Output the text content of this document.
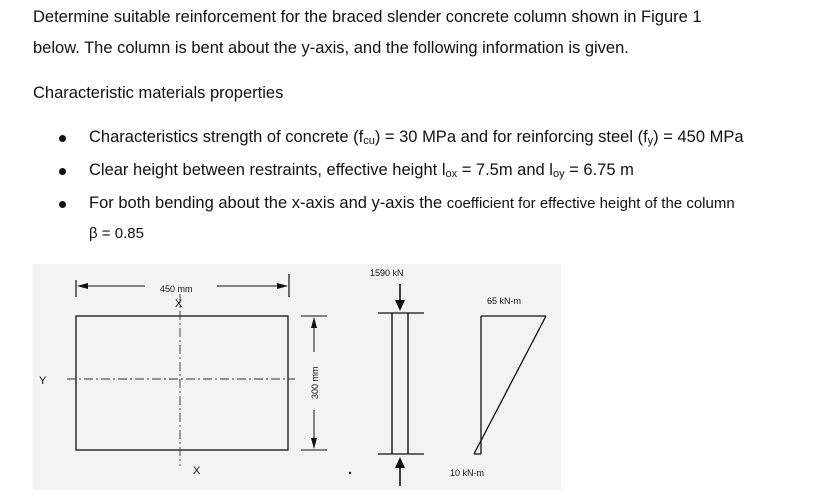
Determine suitable reinforcement for the braced slender concrete column shown in Figure 1
below. The column is bent about the y-axis, and the following information is given.

Characteristic materials properties

Characteristics strength of concrete (fcu) = 30 MPa and for reinforcing steel (fy) = 450 MPa
Clear height between restraints, effective height lox = 7.5m and loy = 6.75 m
For both bending about the x-axis and y-axis the coefficient for effective height of the column
β = 0.85
450 mm
X
Y
X
300 mm
1590 kN
65 kN-m
10 kN-m
